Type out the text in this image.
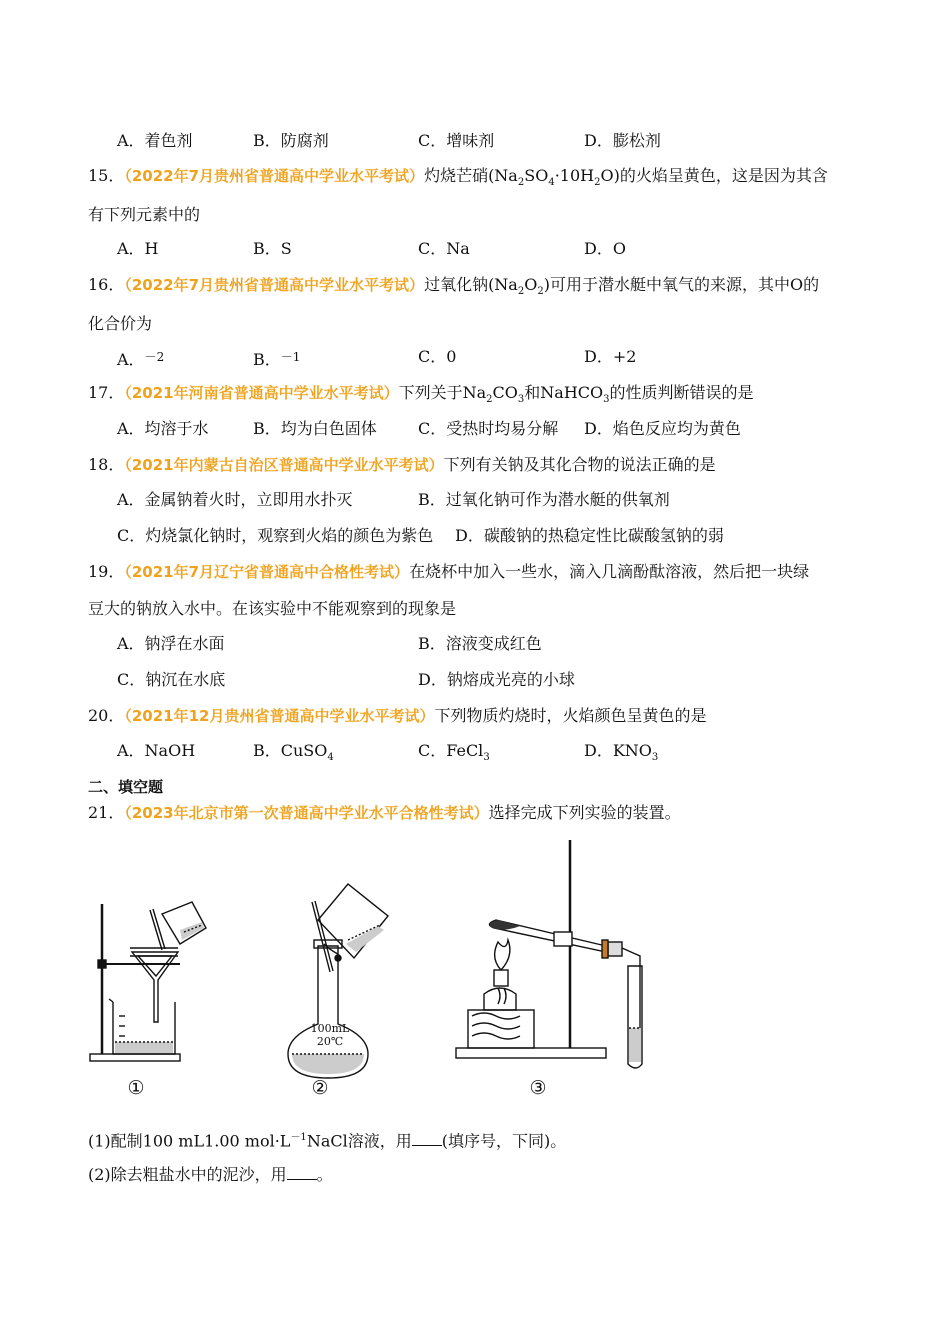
A．着色剂	B．防腐剂	C．增味剂	D．膨松剂
15．（2022年7月贵州省普通高中学业水平考试）灼烧芒硝$(Na_2SO_4\cdot 10H_2O)$的火焰呈黄色，这是因为其含
有下列元素中的
A．H	B．S	C．Na	D．O
16．（2022年7月贵州省普通高中学业水平考试）过氧化钠$(Na_2O_2)$可用于潜水艇中氧气的来源，其中O的
化合价为
A．$^{-2}$	B．$^{-1}$	C．0	D．+2
17．（2021年河南省普通高中学业水平考试）下列关于$Na_2CO_3$和NaHCO$_3$的性质判断错误的是
A．均溶于水	B．均为白色固体	C．受热时均易分解 D．焰色反应均为黄色
18．（2021年内蒙古自治区普通高中学业水平考试）下列有关钠及其化合物的说法正确的是
A．金属钠着火时，立即用水扑灭	B．过氧化钠可作为潜水艇的供氧剂
C．灼烧氯化钠时，观察到火焰的颜色为紫色 D．碳酸钠的热稳定性比碳酸氢钠的弱
19．（2021年7月辽宁省普通高中合格性考试）在烧杯中加入一些水，滴入几滴酚酞溶液，然后把一块绿
豆大的钠放入水中。在该实验中不能观察到的现象是
A．钠浮在水面	B．溶液变成红色
C．钠沉在水底	D．钠熔成光亮的小球
20．（2021年12月贵州省普通高中学业水平考试）下列物质灼烧时，火焰颜色呈黄色的是
A．NaOH	B．CuSO$_4$	C．FeCl$_3$	D．$KNO_3$
二、填空题
21．（2023年北京市第一次普通高中学业水平合格性考试）选择完成下列实验的装置。
100mL
20℃
①	②	③
(1)配制100 mL1.00 $mol\cdot L^{-1}NaCl$溶液，用 (填序号，下同)。
(2)除去粗盐水中的泥沙，用 。
